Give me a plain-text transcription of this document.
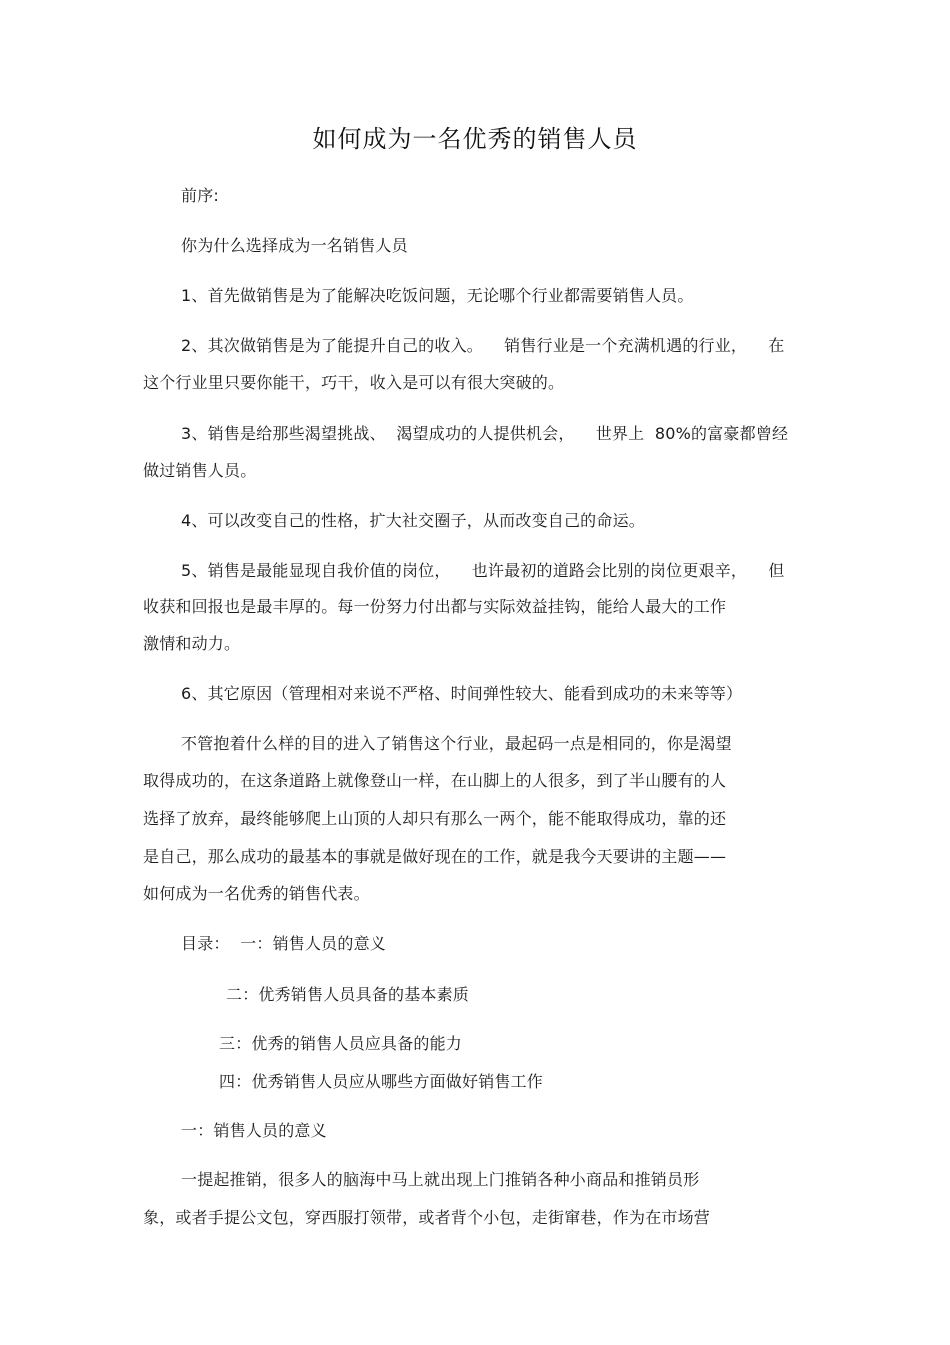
如何成为一名优秀的销售人员
前序:
你为什么选择成为一名销售人员
1、首先做销售是为了能解决吃饭问题，无论哪个行业都需要销售人员。
2、其次做销售是为了能提升自己的收入。    销售行业是一个充满机遇的行业，    在
这个行业里只要你能干，巧干，收入是可以有很大突破的。
3、销售是给那些渴望挑战、  渴望成功的人提供机会，    世界上  80%的富豪都曾经
做过销售人员。
4、可以改变自己的性格，扩大社交圈子，从而改变自己的命运。
5、销售是最能显现自我价值的岗位，    也许最初的道路会比别的岗位更艰辛，    但
收获和回报也是最丰厚的。每一份努力付出都与实际效益挂钩，能给人最大的工作
激情和动力。
6、其它原因（管理相对来说不严格、时间弹性较大、能看到成功的未来等等）
不管抱着什么样的目的进入了销售这个行业，最起码一点是相同的，你是渴望
取得成功的，在这条道路上就像登山一样，在山脚上的人很多，到了半山腰有的人
选择了放弃，最终能够爬上山顶的人却只有那么一两个，能不能取得成功，靠的还
是自己，那么成功的最基本的事就是做好现在的工作，就是我今天要讲的主题——
如何成为一名优秀的销售代表。
目录：  一：销售人员的意义
二：优秀销售人员具备的基本素质
三：优秀的销售人员应具备的能力
四：优秀销售人员应从哪些方面做好销售工作
一：销售人员的意义
一提起推销，很多人的脑海中马上就出现上门推销各种小商品和推销员形
象，或者手提公文包，穿西服打领带，或者背个小包，走街窜巷，作为在市场营
